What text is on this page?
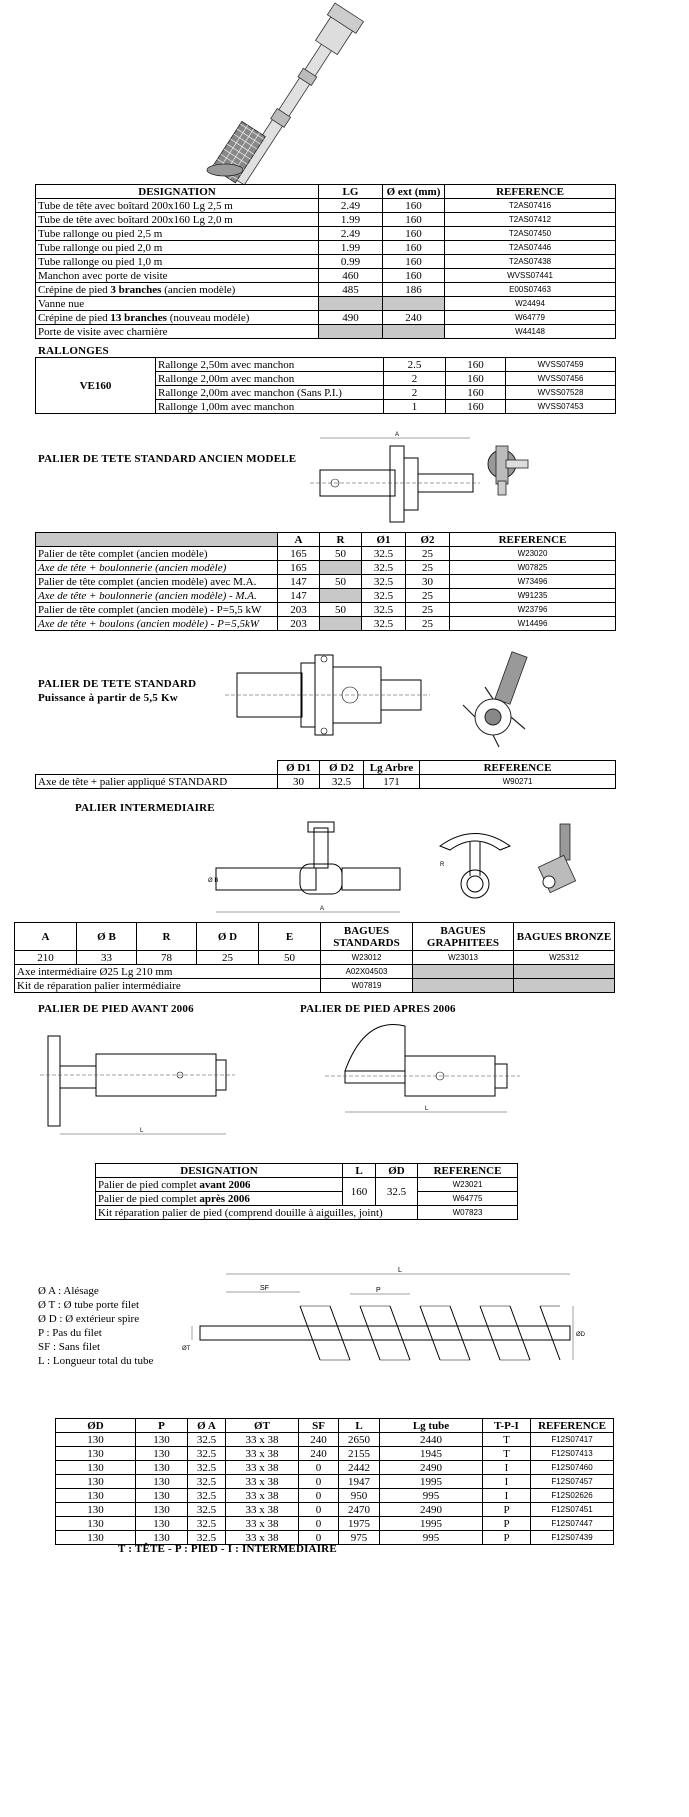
DESIGNATION	LG	Ø ext (mm)	REFERENCE
Tube de tête avec boîtard 200x160 Lg 2,5 m	2.49	160	T2AS07416
Tube de tête avec boîtard 200x160 Lg 2,0 m	1.99	160	T2AS07412
Tube rallonge ou pied 2,5 m	2.49	160	T2AS07450
Tube rallonge ou pied 2,0 m	1.99	160	T2AS07446
Tube rallonge ou pied 1,0 m	0.99	160	T2AS07438
Manchon avec porte de visite	460	160	WVSS07441
Crépine de pied 3 branches (ancien modèle)	485	186	E00S07463
Vanne nue			W24494
Crépine de pied 13 branches (nouveau modèle)	490	240	W64779
Porte de visite avec charnière			W44148
RALLONGES
VE160	Rallonge 2,50m avec manchon	2.5	160	WVSS07459
	Rallonge 2,00m avec manchon	2	160	WVSS07456
	Rallonge 2,00m avec manchon (Sans P.I.)	2	160	WVSS07528
	Rallonge 1,00m avec manchon	1	160	WVSS07453
PALIER DE TETE STANDARD ANCIEN MODELE
A
	A	R	Ø1	Ø2	REFERENCE
Palier de tête complet (ancien modèle)	165	50	32.5	25	W23020
Axe de tête + boulonnerie (ancien modèle)	165		32.5	25	W07825
Palier de tête complet (ancien modèle) avec M.A.	147	50	32.5	30	W73496
Axe de tête + boulonnerie (ancien modèle) - M.A.	147		32.5	25	W91235
Palier de tête complet (ancien modèle) - P=5,5 kW	203	50	32.5	25	W23796
Axe de tête + boulons (ancien modèle) - P=5,5kW	203		32.5	25	W14496
PALIER DE TETE STANDARD
Puissance à partir de 5,5 Kw
	Ø D1	Ø D2	Lg Arbre	REFERENCE
Axe de tête + palier appliqué STANDARD	30	32.5	171	W90271
PALIER INTERMEDIAIRE
A
Ø B
R
A	Ø B	R	Ø D	E	BAGUES STANDARDS	BAGUES GRAPHITEES	BAGUES BRONZE
210	33	78	25	50	W23012	W23013	W25312
Axe intermédiaire Ø25 Lg 210 mm					A02X04503		
Kit de réparation palier intermédiaire					W07819		
PALIER DE PIED AVANT 2006	PALIER DE PIED APRES 2006
L
L
DESIGNATION	L	ØD	REFERENCE
Palier de pied complet avant 2006	160	32.5	W23021
Palier de pied complet après 2006			W64775
Kit réparation palier de pied (comprend douille à aiguilles, joint)			W07823
Ø A : Alésage
Ø T : Ø tube porte filet
Ø D : Ø extérieur spire
P : Pas du filet
SF : Sans filet
L : Longueur total du tube
L
SF	P
ØD
ØT
ØD	P	Ø A	ØT	SF	L	Lg tube	T-P-I	REFERENCE
130	130	32.5	33 x 38	240	2650	2440	T	F12S07417
130	130	32.5	33 x 38	240	2155	1945	T	F12S07413
130	130	32.5	33 x 38	0	2442	2490	I	F12S07460
130	130	32.5	33 x 38	0	1947	1995	I	F12S07457
130	130	32.5	33 x 38	0	950	995	I	F12S02626
130	130	32.5	33 x 38	0	2470	2490	P	F12S07451
130	130	32.5	33 x 38	0	1975	1995	P	F12S07447
130	130	32.5	33 x 38	0	975	995	P	F12S07439
T : TÊTE - P : PIED - I : INTERMEDIAIRE
